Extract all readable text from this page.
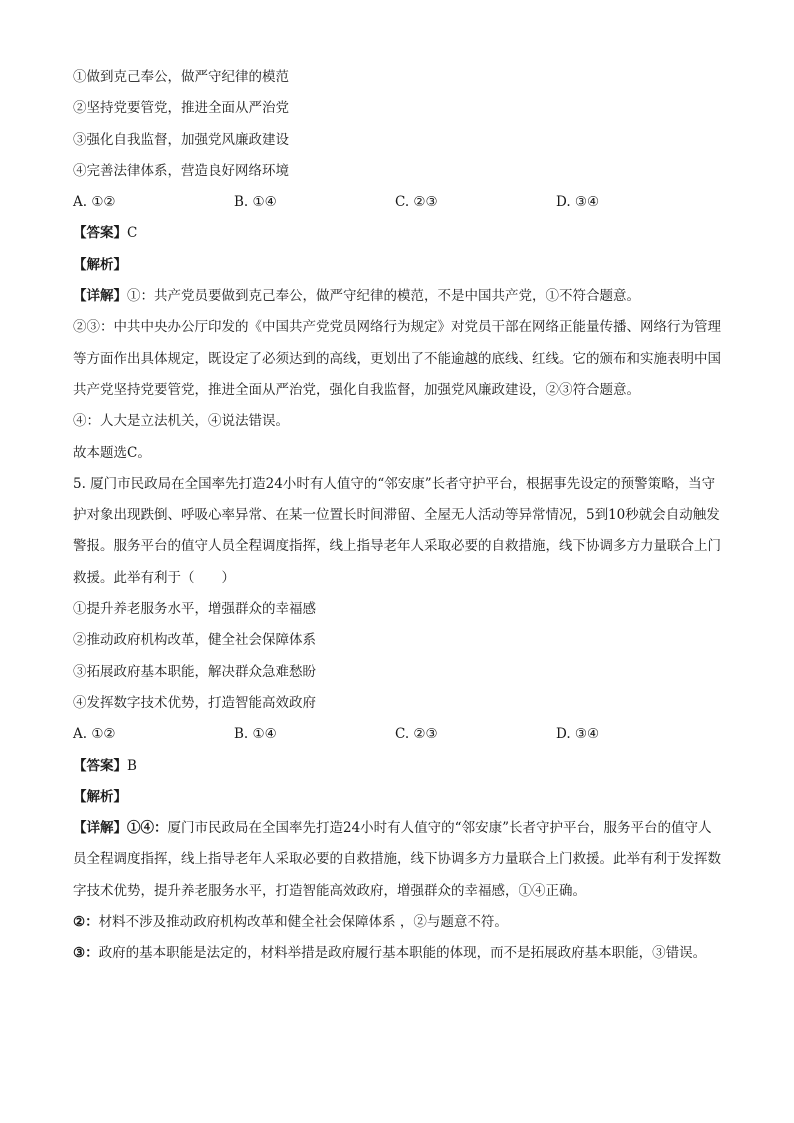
①做到克己奉公，做严守纪律的模范
②坚持党要管党，推进全面从严治党
③强化自我监督，加强党风廉政建设
④完善法律体系，营造良好网络环境
A. ①②	B. ①④	C. ②③	D. ③④
【答案】C
【解析】
【详解】①：共产党员要做到克己奉公，做严守纪律的模范，不是中国共产党，①不符合题意。
②③：中共中央办公厅印发的《中国共产党党员网络行为规定》对党员干部在网络正能量传播、网络行为管理等方面作出具体规定，既设定了必须达到的高线，更划出了不能逾越的底线、红线。它的颁布和实施表明中国共产党坚持党要管党，推进全面从严治党，强化自我监督，加强党风廉政建设，②③符合题意。
④：人大是立法机关，④说法错误。
故本题选C。
5. 厦门市民政局在全国率先打造24小时有人值守的“邻安康”长者守护平台，根据事先设定的预警策略，当守护对象出现跌倒、呼吸心率异常、在某一位置长时间滞留、全屋无人活动等异常情况，5到10秒就会自动触发警报。服务平台的值守人员全程调度指挥，线上指导老年人采取必要的自救措施，线下协调多方力量联合上门救援。此举有利于（　　）
①提升养老服务水平，增强群众的幸福感
②推动政府机构改革，健全社会保障体系
③拓展政府基本职能，解决群众急难愁盼
④发挥数字技术优势，打造智能高效政府
A. ①②	B. ①④	C. ②③	D. ③④
【答案】B
【解析】
【详解】①④：厦门市民政局在全国率先打造24小时有人值守的“邻安康”长者守护平台，服务平台的值守人员全程调度指挥，线上指导老年人采取必要的自救措施，线下协调多方力量联合上门救援。此举有利于发挥数字技术优势，提升养老服务水平，打造智能高效政府，增强群众的幸福感，①④正确。
②：材料不涉及推动政府机构改革和健全社会保障体系 ，②与题意不符。
③：政府的基本职能是法定的，材料举措是政府履行基本职能的体现，而不是拓展政府基本职能，③错误。
